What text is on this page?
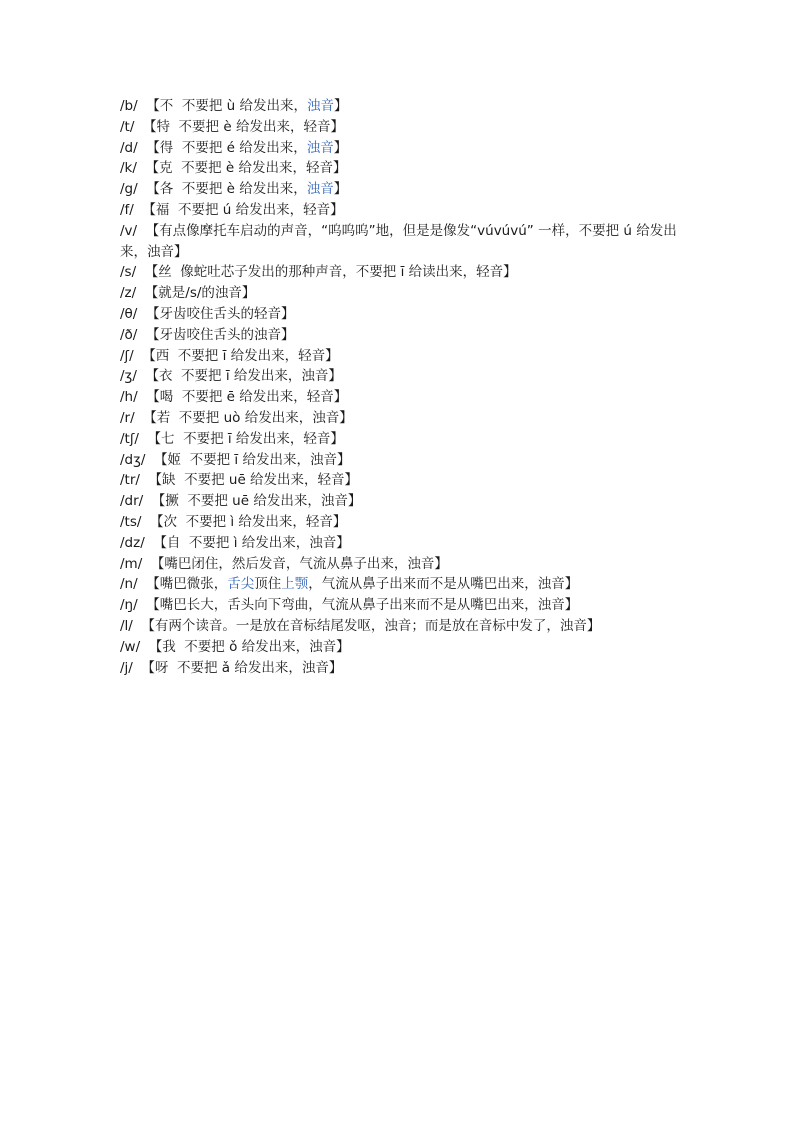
/b/  【不  不要把 ù 给发出来，浊音】
/t/  【特  不要把 è 给发出来，轻音】
/d/  【得  不要把 é 给发出来，浊音】
/k/  【克  不要把 è 给发出来，轻音】
/g/  【各  不要把 è 给发出来，浊音】
/f/  【福  不要把 ú 给发出来，轻音】
/v/  【有点像摩托车启动的声音，“呜呜呜”地，但是是像发“vúvúvú” 一样，不要把 ú 给发出来，浊音】
/s/  【丝  像蛇吐芯子发出的那种声音，不要把 ī 给读出来，轻音】
/z/  【就是/s/的浊音】
/θ/  【牙齿咬住舌头的轻音】
/ð/  【牙齿咬住舌头的浊音】
/ʃ/  【西  不要把 ī 给发出来，轻音】
/ʒ/  【衣  不要把 ī 给发出来，浊音】
/h/  【喝  不要把 ē 给发出来，轻音】
/r/  【若  不要把 uò 给发出来，浊音】
/tʃ/  【七  不要把 ī 给发出来，轻音】
/dʒ/  【姬  不要把 ī 给发出来，浊音】
/tr/  【缺  不要把 uē 给发出来，轻音】
/dr/  【撅  不要把 uē 给发出来，浊音】
/ts/  【次  不要把 ì 给发出来，轻音】
/dz/  【自  不要把 ì 给发出来，浊音】
/m/  【嘴巴闭住，然后发音，气流从鼻子出来，浊音】
/n/  【嘴巴微张，舌尖顶住上颚，气流从鼻子出来而不是从嘴巴出来，浊音】
/ŋ/  【嘴巴长大，舌头向下弯曲，气流从鼻子出来而不是从嘴巴出来，浊音】
/l/  【有两个读音。一是放在音标结尾发呕，浊音；而是放在音标中发了，浊音】
/w/  【我  不要把 ǒ 给发出来，浊音】
/j/  【呀  不要把 ǎ 给发出来，浊音】
